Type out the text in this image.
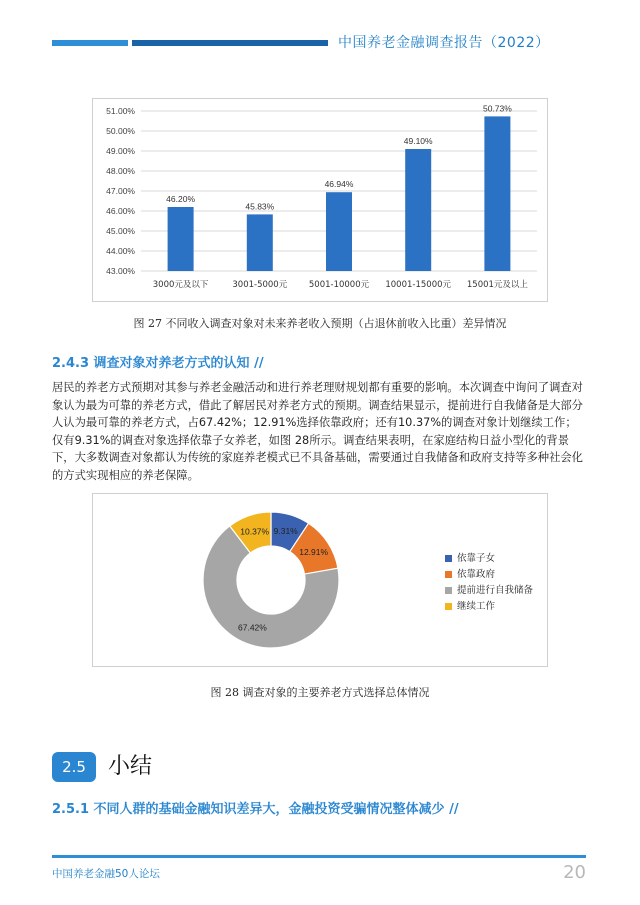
中国养老金融调查报告（2022）
51.00%
50.00%
49.00%
48.00%
47.00%
46.00%
45.00%
44.00%
43.00%
46.20%
3000元及以下
45.83%
3001-5000元
46.94%
5001-10000元
49.10%
10001-15000元
50.73%
15001元及以上
图 27 不同收入调查对象对未来养老收入预期（占退休前收入比重）差异情况
2.4.3 调查对象对养老方式的认知 //
居民的养老方式预期对其参与养老金融活动和进行养老理财规划都有重要的影响。本次调查中询问了调查对象认为最为可靠的养老方式，借此了解居民对养老方式的预期。调查结果显示，提前进行自我储备是大部分人认为最可靠的养老方式，占67.42%；12.91%选择依靠政府；还有10.37%的调查对象计划继续工作；仅有9.31%的调查对象选择依靠子女养老，如图 28所示。调查结果表明，在家庭结构日益小型化的背景下，大多数调查对象都认为传统的家庭养老模式已不具备基础，需要通过自我储备和政府支持等多种社会化的方式实现相应的养老保障。
9.31%
12.91%
67.42%
10.37%
依靠子女
依靠政府
提前进行自我储备
继续工作
图 28 调查对象的主要养老方式选择总体情况
2.5	小结
2.5.1 不同人群的基础金融知识差异大，金融投资受骗情况整体减少 //
中国养老金融50人论坛	20
